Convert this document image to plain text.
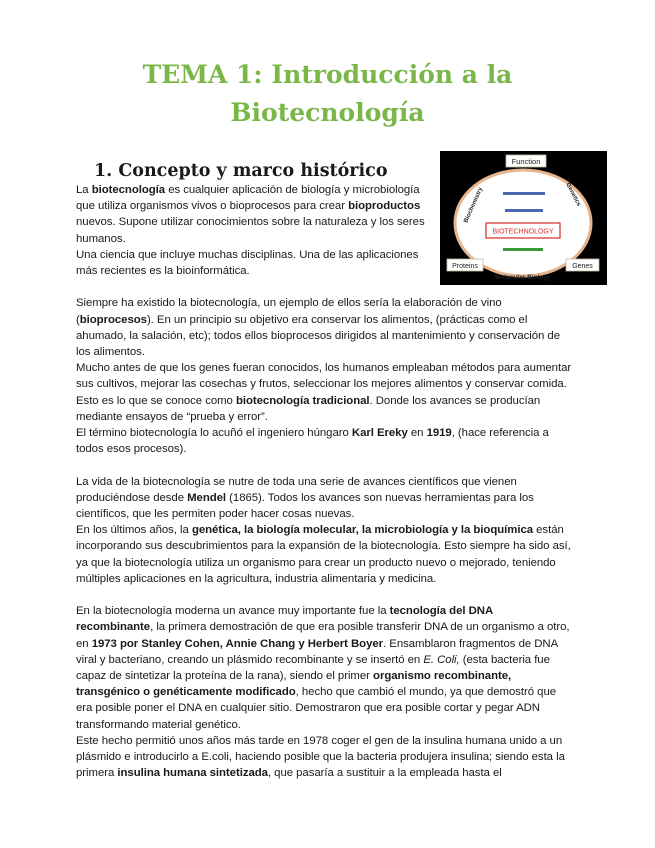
TEMA 1: Introducción a la
Biotecnología
1. Concepto y marco histórico	Function
Biochemistry	Genetics
BIOTECHNOLOGY
Proteins	Genes
Molecular Biology

La biotecnología es cualquier aplicación de biología y microbiología que utiliza organismos vivos o bioprocesos para crear bioproductos nuevos. Supone utilizar conocimientos sobre la naturaleza y los seres humanos.

Una ciencia que incluye muchas disciplinas. Una de las aplicaciones más recientes es la bioinformática.

Siempre ha existido la biotecnología, un ejemplo de ellos sería la elaboración de vino (bioprocesos). En un principio su objetivo era conservar los alimentos, (prácticas como el ahumado, la salación, etc); todos ellos bioprocesos dirigidos al mantenimiento y conservación de los alimentos.

Mucho antes de que los genes fueran conocidos, los humanos empleaban métodos para aumentar sus cultivos, mejorar las cosechas y frutos, seleccionar los mejores alimentos y conservar comida. Esto es lo que se conoce como biotecnología tradicional. Donde los avances se producían mediante ensayos de “prueba y error”.

El término biotecnología lo acuñó el ingeniero húngaro Karl Ereky en 1919, (hace referencia a todos esos procesos).

La vida de la biotecnología se nutre de toda una serie de avances científicos que vienen produciéndose desde Mendel (1865). Todos los avances son nuevas herramientas para los científicos, que les permiten poder hacer cosas nuevas.

En los últimos años, la genética, la biología molecular, la microbiología y la bioquímica están incorporando sus descubrimientos para la expansión de la biotecnología. Esto siempre ha sido así, ya que la biotecnología utiliza un organismo para crear un producto nuevo o mejorado, teniendo múltiples aplicaciones en la agricultura, industria alimentaria y medicina.

En la biotecnología moderna un avance muy importante fue la tecnología del DNA recombinante, la primera demostración de que era posible transferir DNA de un organismo a otro, en 1973 por Stanley Cohen, Annie Chang y Herbert Boyer. Ensamblaron fragmentos de DNA viral y bacteriano, creando un plásmido recombinante y se insertó en E. Coli, (esta bacteria fue capaz de sintetizar la proteína de la rana), siendo el primer organismo recombinante, transgénico o genéticamente modificado, hecho que cambió el mundo, ya que demostró que era posible poner el DNA en cualquier sitio. Demostraron que era posible cortar y pegar ADN transformando material genético.

Este hecho permitió unos años más tarde en 1978 coger el gen de la insulina humana unido a un plásmido e introducirlo a E.coli, haciendo posible que la bacteria produjera insulina; siendo esta la primera insulina humana sintetizada, que pasaría a sustituir a la empleada hasta el
